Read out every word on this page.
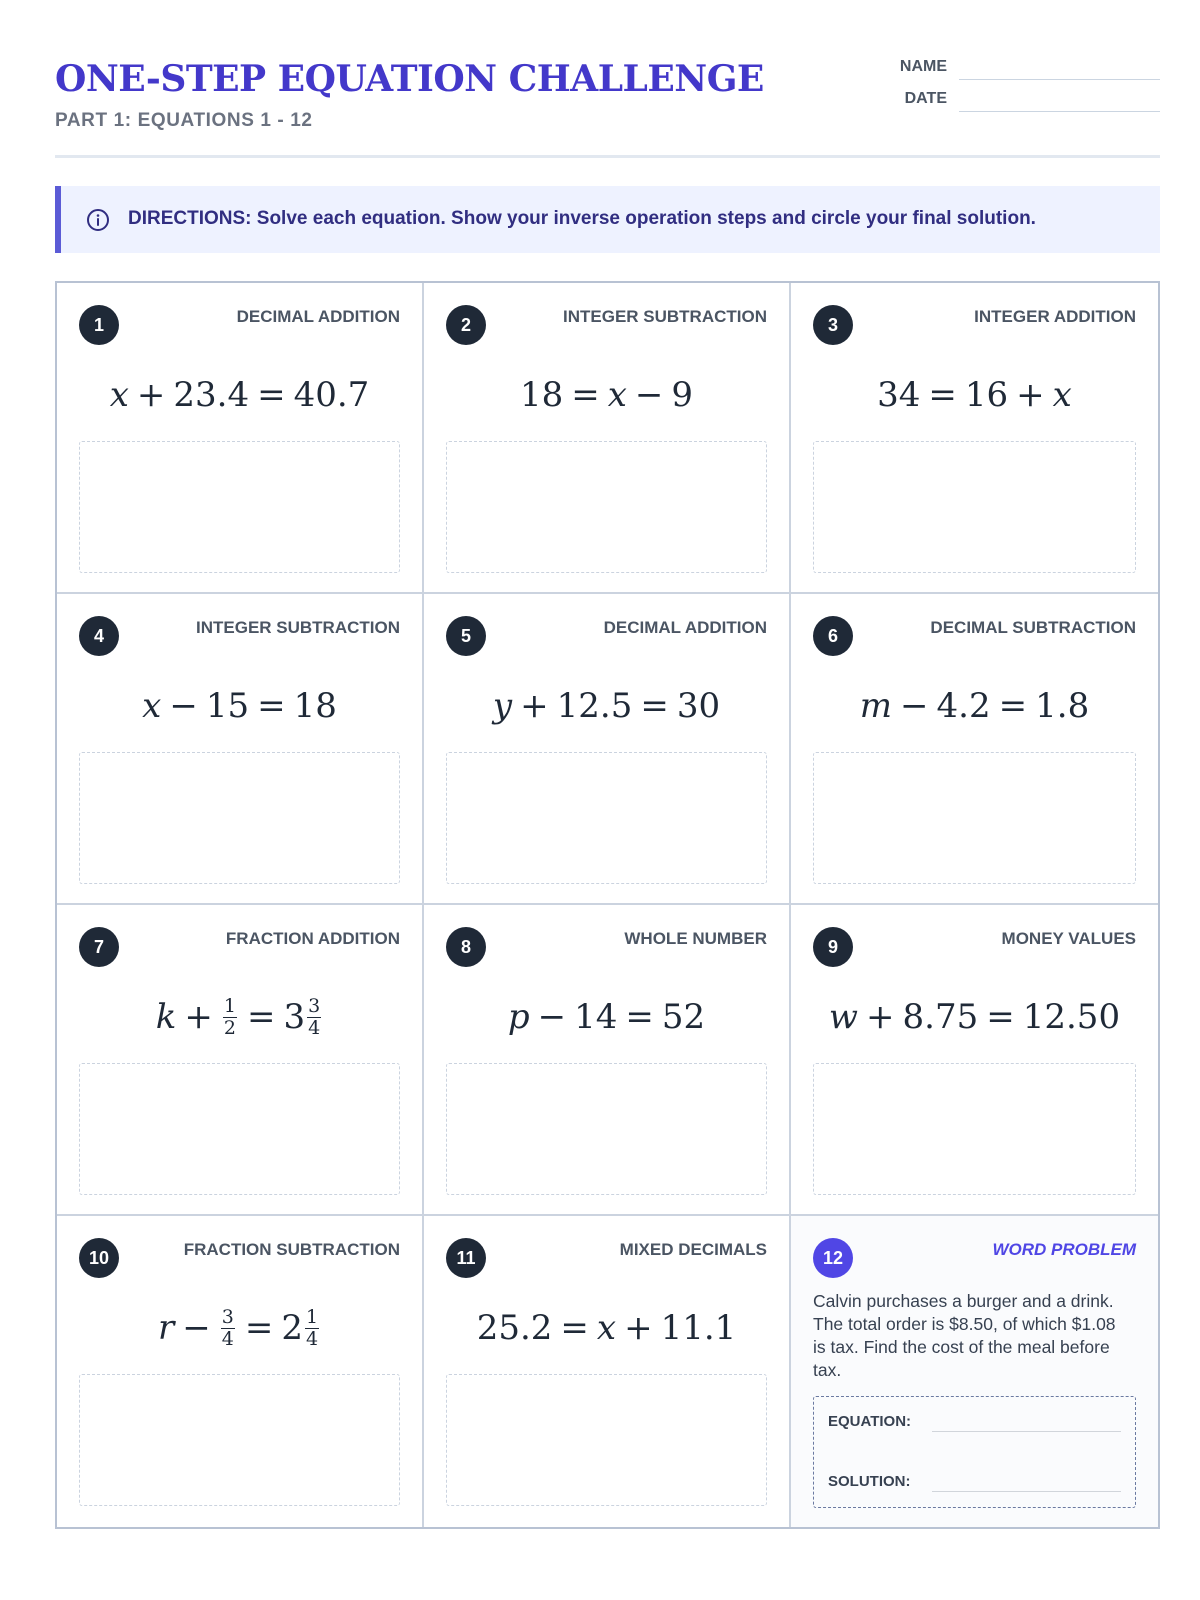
ONE-STEP EQUATION CHALLENGE
PART 1: EQUATIONS 1 - 12
NAME
DATE
DIRECTIONS: Solve each equation. Show your inverse operation steps and circle your final solution.
1	DECIMAL ADDITION
x + 23.4 = 40.7
2	INTEGER SUBTRACTION
18 = x − 9
3	INTEGER ADDITION
34 = 16 + x
4	INTEGER SUBTRACTION
x − 15 = 18
5	DECIMAL ADDITION
y + 12.5 = 30
6	DECIMAL SUBTRACTION
m − 4.2 = 1.8
7	FRACTION ADDITION
$k + \frac{1}{2} = 3 \frac{3}{4}$
8	WHOLE NUMBER
p − 14 = 52
9	MONEY VALUES
w + 8.75 = 12.50
10	FRACTION SUBTRACTION
$r - \frac{3}{4} = 2 \frac{1}{4}$
11	MIXED DECIMALS
25.2 = x + 11.1
12	WORD PROBLEM
Calvin purchases a burger and a drink. The total order is $8.50, of which $1.08 is tax. Find the cost of the meal before tax.
EQUATION:
SOLUTION:
